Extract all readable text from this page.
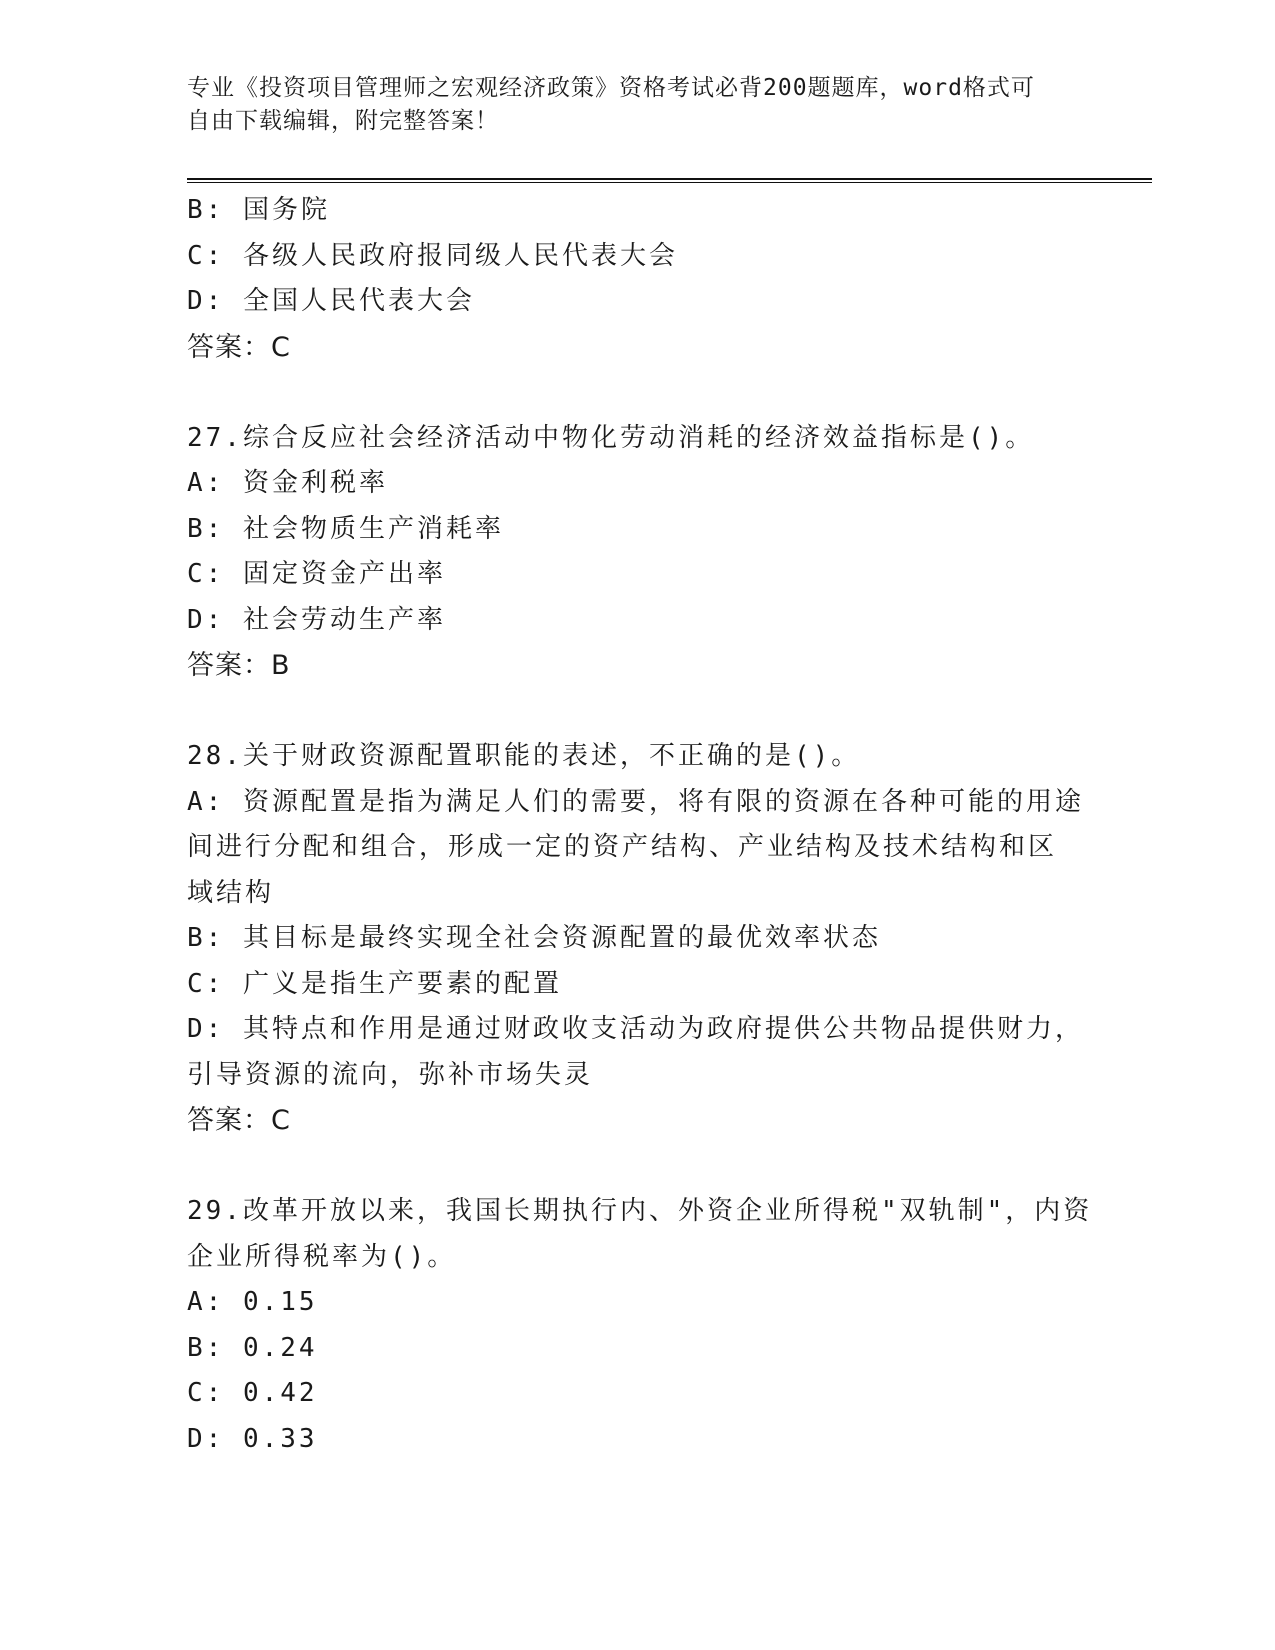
专业《投资项目管理师之宏观经济政策》资格考试必背200题题库，word格式可
自由下载编辑，附完整答案！
B: 国务院
C: 各级人民政府报同级人民代表大会
D: 全国人民代表大会
答案：C
27.综合反应社会经济活动中物化劳动消耗的经济效益指标是()。
A: 资金利税率
B: 社会物质生产消耗率
C: 固定资金产出率
D: 社会劳动生产率
答案：B
28.关于财政资源配置职能的表述，不正确的是()。
A: 资源配置是指为满足人们的需要，将有限的资源在各种可能的用途
间进行分配和组合，形成一定的资产结构、产业结构及技术结构和区
域结构
B: 其目标是最终实现全社会资源配置的最优效率状态
C: 广义是指生产要素的配置
D: 其特点和作用是通过财政收支活动为政府提供公共物品提供财力，
引导资源的流向，弥补市场失灵
答案：C
29.改革开放以来，我国长期执行内、外资企业所得税"双轨制"，内资
企业所得税率为()。
A: 0.15
B: 0.24
C: 0.42
D: 0.33
